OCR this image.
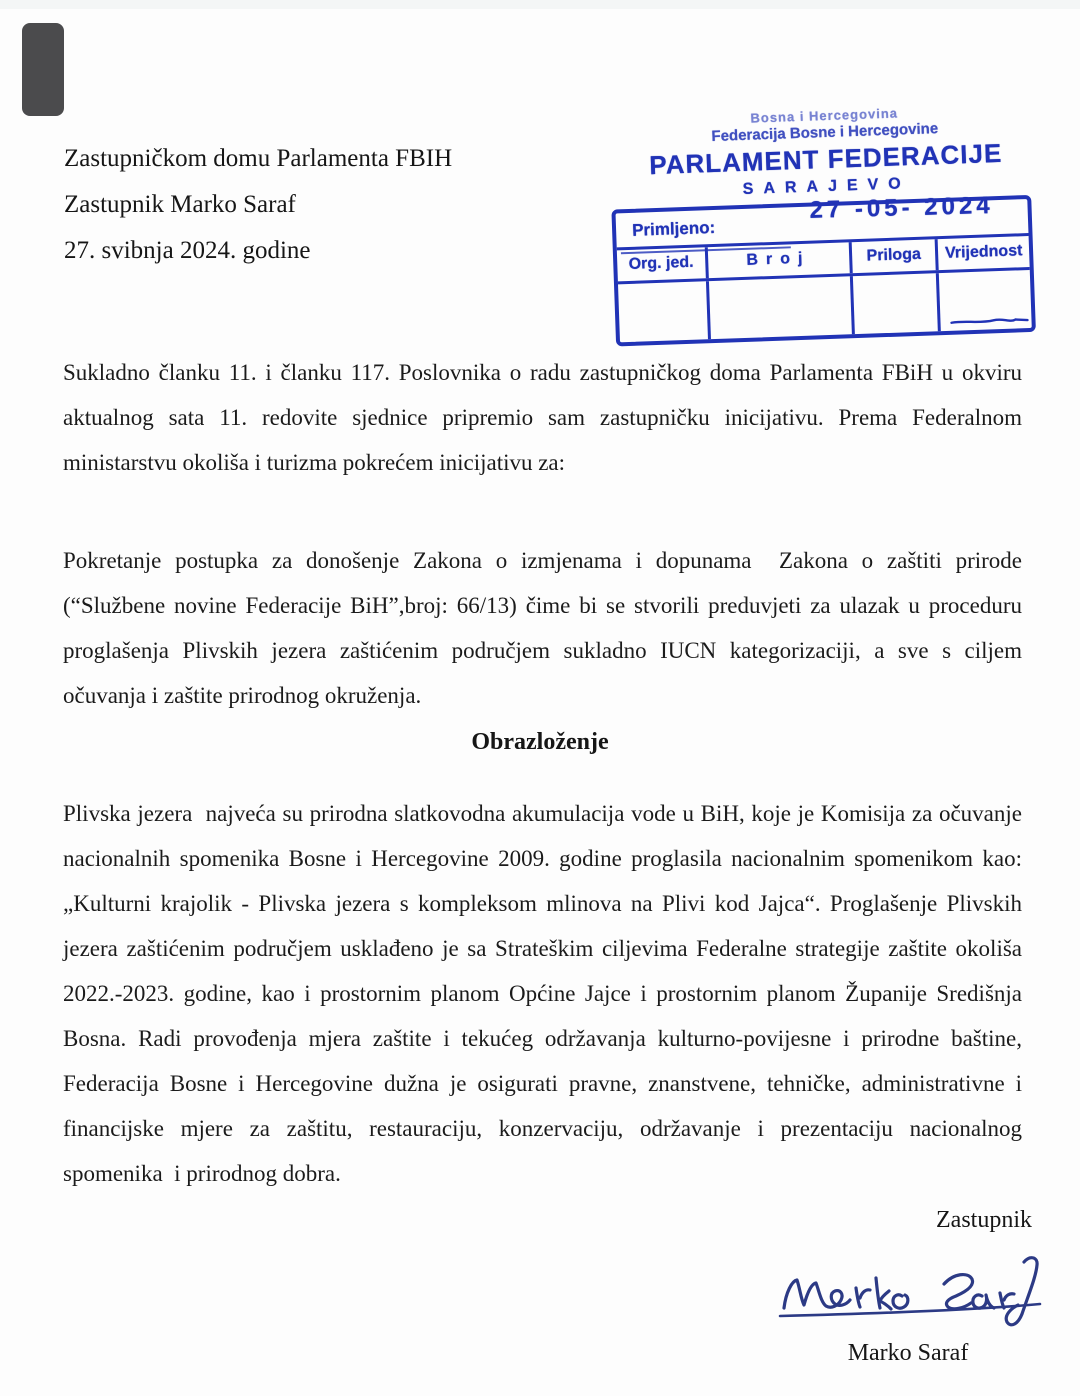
Zastupničkom domu Parlamenta FBIH
Zastupnik Marko Saraf
27. svibnja 2024. godine
Bosna i Hercegovina
Federacija Bosne i Hercegovine
PARLAMENT FEDERACIJE
SARAJEVO
Primljeno:
27 -05- 2024
Org. jed.	Broj	Priloga	Vrijednost
Sukladno članku 11. i članku 117. Poslovnika o radu zastupničkog doma Parlamenta FBiH u okviru aktualnog sata 11. redovite sjednice pripremio sam zastupničku inicijativu. Prema Federalnom ministarstvu okoliša i turizma pokrećem inicijativu za:
Pokretanje postupka za donošenje Zakona o izmjenama i dopunama  Zakona o zaštiti prirode (“Službene novine Federacije BiH”,broj: 66/13) čime bi se stvorili preduvjeti za ulazak u proceduru proglašenja Plivskih jezera zaštićenim područjem sukladno IUCN kategorizaciji, a sve s ciljem očuvanja i zaštite prirodnog okruženja.
Obrazloženje
Plivska jezera  najveća su prirodna slatkovodna akumulacija vode u BiH, koje je Komisija za očuvanje nacionalnih spomenika Bosne i Hercegovine 2009. godine proglasila nacionalnim spomenikom kao: „Kulturni krajolik - Plivska jezera s kompleksom mlinova na Plivi kod Jajca“. Proglašenje Plivskih jezera zaštićenim područjem usklađeno je sa Strateškim ciljevima Federalne strategije zaštite okoliša 2022.-2023. godine, kao i prostornim planom Općine Jajce i prostornim planom Županije Središnja Bosna. Radi provođenja mjera zaštite i tekućeg održavanja kulturno-povijesne i prirodne baštine, Federacija Bosne i Hercegovine dužna je osigurati pravne, znanstvene, tehničke, administrativne i financijske mjere za zaštitu, restauraciju, konzervaciju, održavanje i prezentaciju nacionalnog spomenika  i prirodnog dobra.
Zastupnik
Marko Saraf
